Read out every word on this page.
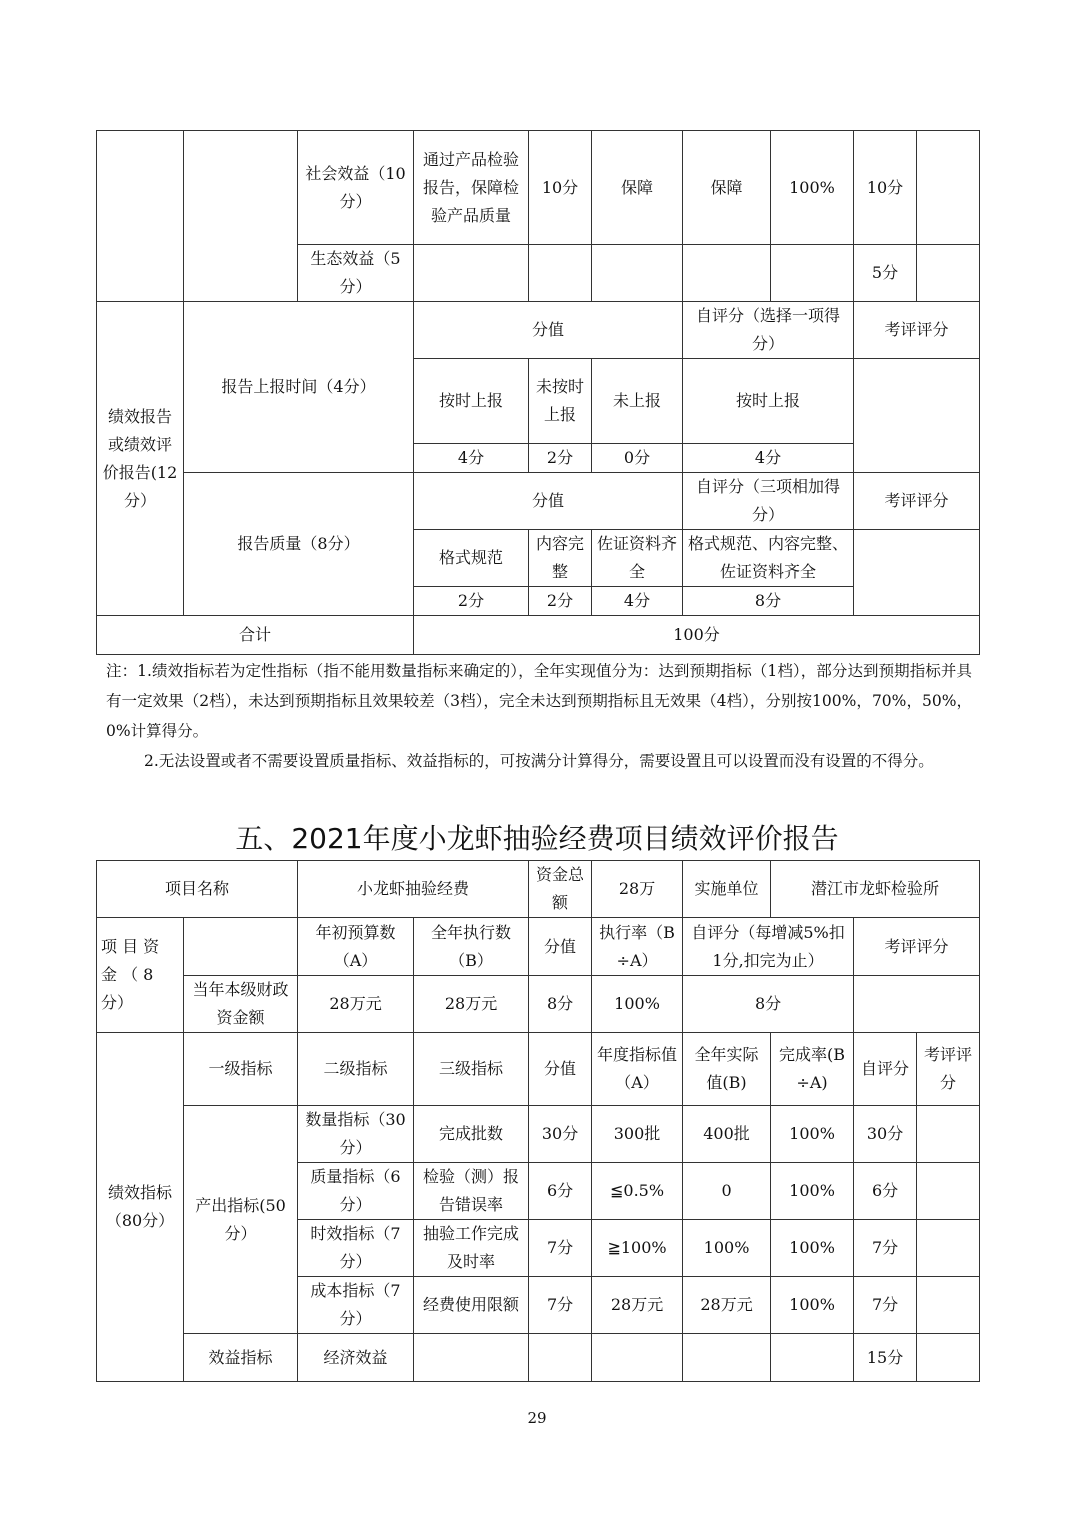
		社会效益（10分）	通过产品检验报告，保障检验产品质量	10分	保障	保障	100%	10分	
		生态效益（5分）						5分	
绩效报告或绩效评价报告(12分）	报告上报时间（4分）		分值			自评分（选择一项得分）		考评评分	
			按时上报	未按时上报	未上报	按时上报			
			4分	2分	0分	4分			
	报告质量（8分）		分值			自评分（三项相加得分）		考评评分	
			格式规范	内容完整	佐证资料齐全	格式规范、内容完整、佐证资料齐全			
			2分	2分	4分	8分			
合计			100分						

注：1.绩效指标若为定性指标（指不能用数量指标来确定的），全年实现值分为：达到预期指标（1档），部分达到预期指标并具有一定效果（2档），未达到预期指标且效果较差（3档），完全未达到预期指标且无效果（4档），分别按100%，70%，50%，0%计算得分。

2.无法设置或者不需要设置质量指标、效益指标的，可按满分计算得分，需要设置且可以设置而没有设置的不得分。

五、2021年度小龙虾抽验经费项目绩效评价报告
项目名称		小龙虾抽验经费		资金总额	28万	实施单位	潜江市龙虾检验所		
项 目 资 金 （ 8 分）		年初预算数（A）	全年执行数（B）	分值	执行率（B÷A）	自评分（每增减5%扣1分,扣完为止）		考评评分	
	当年本级财政资金额	28万元	28万元	8分	100%	8分			
绩效指标（80分）	一级指标	二级指标	三级指标	分值	年度指标值（A）	全年实际值(B)	完成率(B÷A)	自评分	考评评分
	产出指标(50分）	数量指标（30分）	完成批数	30分	300批	400批	100%	30分	
		质量指标（6分）	检验（测）报告错误率	6分	≦0.5%	0	100%	6分	
		时效指标（7分）	抽验工作完成及时率	7分	≧100%	100%	100%	7分	
		成本指标（7分）	经费使用限额	7分	28万元	28万元	100%	7分	
	效益指标	经济效益						15分	
29
